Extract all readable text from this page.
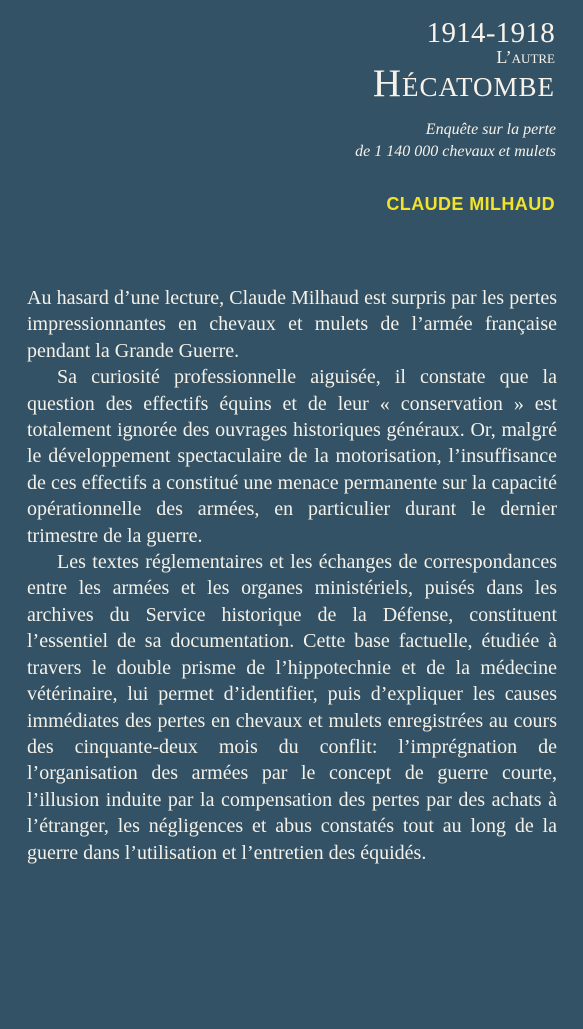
1914-1918
L’autre
Hécatombe
Enquête sur la perte
de 1 140 000 chevaux et mulets
CLAUDE MILHAUD

Au hasard d’une lecture, Claude Milhaud est surpris par les pertes impressionnantes en chevaux et mulets de l’armée française pendant la Grande Guerre.

Sa curiosité professionnelle aiguisée, il constate que la question des effectifs équins et de leur « conservation » est totalement ignorée des ouvrages historiques généraux. Or, malgré le développement spectaculaire de la motorisation, l’insuffisance de ces effectifs a constitué une menace permanente sur la capacité opérationnelle des armées, en particulier durant le dernier trimestre de la guerre.

Les textes réglementaires et les échanges de correspondances entre les armées et les organes ministériels, puisés dans les archives du Service historique de la Défense, constituent l’essentiel de sa documentation. Cette base factuelle, étudiée à travers le double prisme de l’hippotechnie et de la médecine vétérinaire, lui permet d’identifier, puis d’expliquer les causes immédiates des pertes en chevaux et mulets enregistrées au cours des cinquante-deux mois du conflit: l’imprégnation de l’organisation des armées par le concept de guerre courte, l’illusion induite par la compensation des pertes par des achats à l’étranger, les négligences et abus constatés tout au long de la guerre dans l’utilisation et l’entretien des équidés.
